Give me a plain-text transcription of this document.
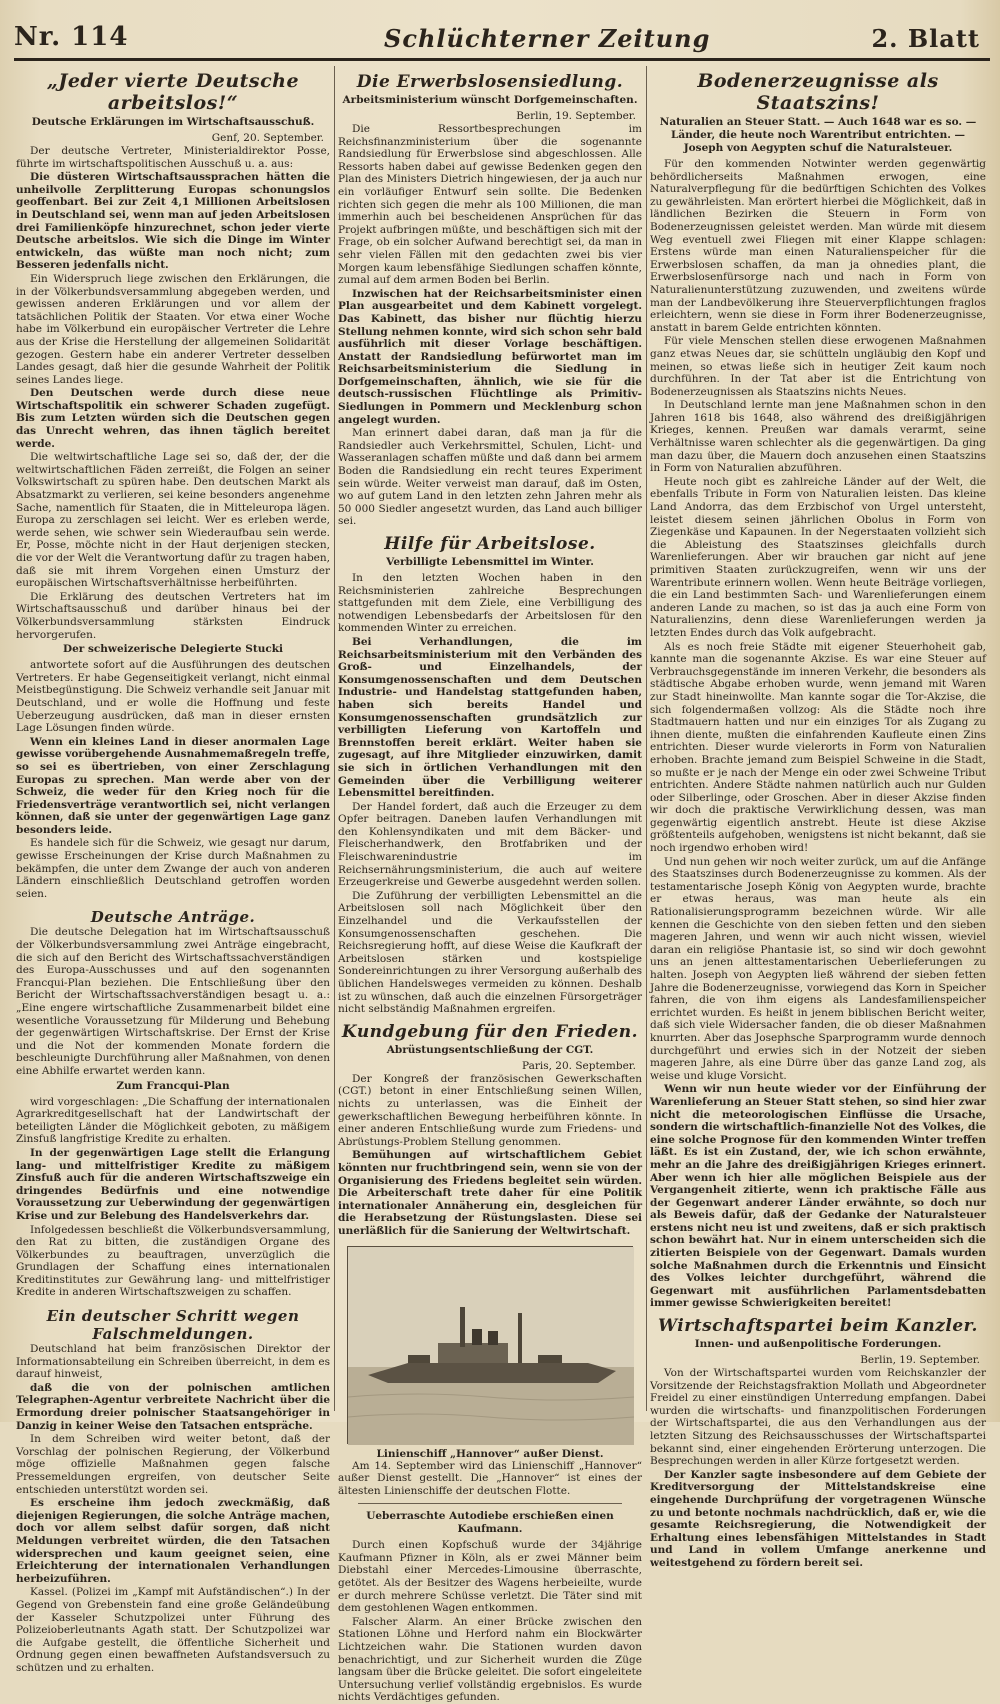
Nr. 114	Schlüchterner Zeitung	2. Blatt
„Jeder vierte Deutsche arbeitslos!“
Deutsche Erklärungen im Wirtschaftsausschuß.
Genf, 20. September.

Der deutsche Vertreter, Ministerialdirektor Posse, führte im wirtschaftspolitischen Ausschuß u. a. aus:

Die düsteren Wirtschaftsaussprachen hätten die unheilvolle Zerplitterung Europas schonungslos geoffenbart. Bei zur Zeit 4,1 Millionen Arbeitslosen in Deutschland sei, wenn man auf jeden Arbeitslosen drei Familienköpfe hinzurechnet, schon jeder vierte Deutsche arbeitslos. Wie sich die Dinge im Winter entwickeln, das wüßte man noch nicht; zum Besseren jedenfalls nicht.

Ein Widerspruch liege zwischen den Erklärungen, die in der Völkerbundsversammlung abgegeben werden, und gewissen anderen Erklärungen und vor allem der tatsächlichen Politik der Staaten. Vor etwa einer Woche habe im Völkerbund ein europäischer Vertreter die Lehre aus der Krise die Herstellung der allgemeinen Solidarität gezogen. Gestern habe ein anderer Vertreter desselben Landes gesagt, daß hier die gesunde Wahrheit der Politik seines Landes liege.

Den Deutschen werde durch diese neue Wirtschaftspolitik ein schwerer Schaden zugefügt. Bis zum Letzten würden sich die Deutschen gegen das Unrecht wehren, das ihnen täglich bereitet werde.

Die weltwirtschaftliche Lage sei so, daß der, der die weltwirtschaftlichen Fäden zerreißt, die Folgen an seiner Volkswirtschaft zu spüren habe. Den deutschen Markt als Absatzmarkt zu verlieren, sei keine besonders angenehme Sache, namentlich für Staaten, die in Mitteleuropa lägen. Europa zu zerschlagen sei leicht. Wer es erleben werde, werde sehen, wie schwer sein Wiederaufbau sein werde. Er, Posse, möchte nicht in der Haut derjenigen stecken, die vor der Welt die Verantwortung dafür zu tragen haben, daß sie mit ihrem Vorgehen einen Umsturz der europäischen Wirtschaftsverhältnisse herbeiführten.

Die Erklärung des deutschen Vertreters hat im Wirtschaftsausschuß und darüber hinaus bei der Völkerbundsversammlung stärksten Eindruck hervorgerufen.

Der schweizerische Delegierte Stucki

antwortete sofort auf die Ausführungen des deutschen Vertreters. Er habe Gegenseitigkeit verlangt, nicht einmal Meistbegünstigung. Die Schweiz verhandle seit Januar mit Deutschland, und er wolle die Hoffnung und feste Ueberzeugung ausdrücken, daß man in dieser ernsten Lage Lösungen finden würde.

Wenn ein kleines Land in dieser anormalen Lage gewisse vorübergehende Ausnahmemaßregeln treffe, so sei es übertrieben, von einer Zerschlagung Europas zu sprechen. Man werde aber von der Schweiz, die weder für den Krieg noch für die Friedensverträge verantwortlich sei, nicht verlangen können, daß sie unter der gegenwärtigen Lage ganz besonders leide.

Es handele sich für die Schweiz, wie gesagt nur darum, gewisse Erscheinungen der Krise durch Maßnahmen zu bekämpfen, die unter dem Zwange der auch von anderen Ländern einschließlich Deutschland getroffen worden seien.

Deutsche Anträge.

Die deutsche Delegation hat im Wirtschaftsausschuß der Völkerbundsversammlung zwei Anträge eingebracht, die sich auf den Bericht des Wirtschaftssachverständigen des Europa-Ausschusses und auf den sogenannten Francqui-Plan beziehen. Die Entschließung über den Bericht der Wirtschaftssachverständigen besagt u. a.: „Eine engere wirtschaftliche Zusammenarbeit bildet eine wesentliche Voraussetzung für Milderung und Behebung der gegenwärtigen Wirtschaftskrise. Der Ernst der Krise und die Not der kommenden Monate fordern die beschleunigte Durchführung aller Maßnahmen, von denen eine Abhilfe erwartet werden kann.

Zum Francqui-Plan

wird vorgeschlagen: „Die Schaffung der internationalen Agrarkreditgesellschaft hat der Landwirtschaft der beteiligten Länder die Möglichkeit geboten, zu mäßigem Zinsfuß langfristige Kredite zu erhalten.

In der gegenwärtigen Lage stellt die Erlangung lang- und mittelfristiger Kredite zu mäßigem Zinsfuß auch für die anderen Wirtschaftszweige ein dringendes Bedürfnis und eine notwendige Voraussetzung zur Ueberwindung der gegenwärtigen Krise und zur Belebung des Handelsverkehrs dar.

Infolgedessen beschließt die Völkerbundsversammlung, den Rat zu bitten, die zuständigen Organe des Völkerbundes zu beauftragen, unverzüglich die Grundlagen der Schaffung eines internationalen Kreditinstitutes zur Gewährung lang- und mittelfristiger Kredite in anderen Wirtschaftszweigen zu schaffen.

Ein deutscher Schritt wegen Falschmeldungen.

Deutschland hat beim französischen Direktor der Informationsabteilung ein Schreiben überreicht, in dem es darauf hinweist,

daß die von der polnischen amtlichen Telegraphen-Agentur verbreitete Nachricht über die Ermordung dreier polnischer Staatsangehöriger in Danzig in keiner Weise den Tatsachen entspräche.

In dem Schreiben wird weiter betont, daß der Vorschlag der polnischen Regierung, der Völkerbund möge offizielle Maßnahmen gegen falsche Pressemeldungen ergreifen, von deutscher Seite entschieden unterstützt worden sei.

Es erscheine ihm jedoch zweckmäßig, daß diejenigen Regierungen, die solche Anträge machen, doch vor allem selbst dafür sorgen, daß nicht Meldungen verbreitet würden, die den Tatsachen widersprechen und kaum geeignet seien, eine Erleichterung der internationalen Verhandlungen herbeizuführen.

Kassel. (Polizei im „Kampf mit Aufständischen“.) In der Gegend von Grebenstein fand eine große Geländeübung der Kasseler Schutzpolizei unter Führung des Polizeioberleutnants Agath statt. Der Schutzpolizei war die Aufgabe gestellt, die öffentliche Sicherheit und Ordnung gegen einen bewaffneten Aufstandsversuch zu schützen und zu erhalten.

Die Erwerbslosensiedlung.
Arbeitsministerium wünscht Dorfgemeinschaften.
Berlin, 19. September.

Die Ressortbesprechungen im Reichsfinanzministerium über die sogenannte Randsiedlung für Erwerbslose sind abgeschlossen. Alle Ressorts haben dabei auf gewisse Bedenken gegen den Plan des Ministers Dietrich hingewiesen, der ja auch nur ein vorläufiger Entwurf sein sollte. Die Bedenken richten sich gegen die mehr als 100 Millionen, die man immerhin auch bei bescheidenen Ansprüchen für das Projekt aufbringen müßte, und beschäftigen sich mit der Frage, ob ein solcher Aufwand berechtigt sei, da man in sehr vielen Fällen mit den gedachten zwei bis vier Morgen kaum lebensfähige Siedlungen schaffen könnte, zumal auf dem armen Boden bei Berlin.

Inzwischen hat der Reichsarbeitsminister einen Plan ausgearbeitet und dem Kabinett vorgelegt. Das Kabinett, das bisher nur flüchtig hierzu Stellung nehmen konnte, wird sich schon sehr bald ausführlich mit dieser Vorlage beschäftigen. Anstatt der Randsiedlung befürwortet man im Reichsarbeitsministerium die Siedlung in Dorfgemeinschaften, ähnlich, wie sie für die deutsch-russischen Flüchtlinge als Primitiv-Siedlungen in Pommern und Mecklenburg schon angelegt wurden.

Man erinnert dabei daran, daß man ja für die Randsiedler auch Verkehrsmittel, Schulen, Licht- und Wasseranlagen schaffen müßte und daß dann bei armem Boden die Randsiedlung ein recht teures Experiment sein würde. Weiter verweist man darauf, daß im Osten, wo auf gutem Land in den letzten zehn Jahren mehr als 50 000 Siedler angesetzt wurden, das Land auch billiger sei.

Hilfe für Arbeitslose.
Verbilligte Lebensmittel im Winter.

In den letzten Wochen haben in den Reichsministerien zahlreiche Besprechungen stattgefunden mit dem Ziele, eine Verbilligung des notwendigen Lebensbedarfs der Arbeitslosen für den kommenden Winter zu erreichen.

Bei Verhandlungen, die im Reichsarbeitsministerium mit den Verbänden des Groß- und Einzelhandels, der Konsumgenossenschaften und dem Deutschen Industrie- und Handelstag stattgefunden haben, haben sich bereits Handel und Konsumgenossenschaften grundsätzlich zur verbilligten Lieferung von Kartoffeln und Brennstoffen bereit erklärt. Weiter haben sie zugesagt, auf ihre Mitglieder einzuwirken, damit sie sich in örtlichen Verhandlungen mit den Gemeinden über die Verbilligung weiterer Lebensmittel bereitfinden.

Der Handel fordert, daß auch die Erzeuger zu dem Opfer beitragen. Daneben laufen Verhandlungen mit den Kohlensyndikaten und mit dem Bäcker- und Fleischerhandwerk, den Brotfabriken und der Fleischwarenindustrie im Reichsernährungsministerium, die auch auf weitere Erzeugerkreise und Gewerbe ausgedehnt werden sollen.

Die Zuführung der verbilligten Lebensmittel an die Arbeitslosen soll nach Möglichkeit über den Einzelhandel und die Verkaufsstellen der Konsumgenossenschaften geschehen. Die Reichsregierung hofft, auf diese Weise die Kaufkraft der Arbeitslosen stärken und kostspielige Sondereinrichtungen zu ihrer Versorgung außerhalb des üblichen Handelsweges vermeiden zu können. Deshalb ist zu wünschen, daß auch die einzelnen Fürsorgeträger nicht selbständig Maßnahmen ergreifen.

Kundgebung für den Frieden.
Abrüstungsentschließung der CGT.
Paris, 20. September.

Der Kongreß der französischen Gewerkschaften (CGT.) betont in einer Entschließung seinen Willen, nichts zu unterlassen, was die Einheit der gewerkschaftlichen Bewegung herbeiführen könnte. In einer anderen Entschließung wurde zum Friedens- und Abrüstungs-Problem Stellung genommen.

Bemühungen auf wirtschaftlichem Gebiet könnten nur fruchtbringend sein, wenn sie von der Organisierung des Friedens begleitet sein würden. Die Arbeiterschaft trete daher für eine Politik internationaler Annäherung ein, desgleichen für die Herabsetzung der Rüstungslasten. Diese sei unerläßlich für die Sanierung der Weltwirtschaft.

Linienschiff „Hannover“ außer Dienst.

Am 14. September wird das Linienschiff „Hannover“ außer Dienst gestellt. Die „Hannover“ ist eines der ältesten Linienschiffe der deutschen Flotte.

Ueberraschte Autodiebe erschießen einen Kaufmann.

Durch einen Kopfschuß wurde der 34jährige Kaufmann Pfizner in Köln, als er zwei Männer beim Diebstahl einer Mercedes-Limousine überraschte, getötet. Als der Besitzer des Wagens herbeieilte, wurde er durch mehrere Schüsse verletzt. Die Täter sind mit dem gestohlenen Wagen entkommen.

Falscher Alarm. An einer Brücke zwischen den Stationen Löhne und Herford nahm ein Blockwärter Lichtzeichen wahr. Die Stationen wurden davon benachrichtigt, und zur Sicherheit wurden die Züge langsam über die Brücke geleitet. Die sofort eingeleitete Untersuchung verlief vollständig ergebnislos. Es wurde nichts Verdächtiges gefunden.

Bodenerzeugnisse als Staatszins!
Naturalien an Steuer Statt. — Auch 1648 war es so. — Länder, die heute noch Warentribut entrichten. — Joseph von Aegypten schuf die Naturalsteuer.

Für den kommenden Notwinter werden gegenwärtig behördlicherseits Maßnahmen erwogen, eine Naturalverpflegung für die bedürftigen Schichten des Volkes zu gewährleisten. Man erörtert hierbei die Möglichkeit, daß in ländlichen Bezirken die Steuern in Form von Bodenerzeugnissen geleistet werden. Man würde mit diesem Weg eventuell zwei Fliegen mit einer Klappe schlagen: Erstens würde man einen Naturalienspeicher für die Erwerbslosen schaffen, da man ja ohnedies plant, die Erwerbslosenfürsorge nach und nach in Form von Naturalienunterstützung zuzuwenden, und zweitens würde man der Landbevölkerung ihre Steuerverpflichtungen fraglos erleichtern, wenn sie diese in Form ihrer Bodenerzeugnisse, anstatt in barem Gelde entrichten könnten.

Für viele Menschen stellen diese erwogenen Maßnahmen ganz etwas Neues dar, sie schütteln ungläubig den Kopf und meinen, so etwas ließe sich in heutiger Zeit kaum noch durchführen. In der Tat aber ist die Entrichtung von Bodenerzeugnissen als Staatszins nichts Neues.

In Deutschland lernte man jene Maßnahmen schon in den Jahren 1618 bis 1648, also während des dreißigjährigen Krieges, kennen. Preußen war damals verarmt, seine Verhältnisse waren schlechter als die gegenwärtigen. Da ging man dazu über, die Mauern doch anzusehen einen Staatszins in Form von Naturalien abzuführen.

Heute noch gibt es zahlreiche Länder auf der Welt, die ebenfalls Tribute in Form von Naturalien leisten. Das kleine Land Andorra, das dem Erzbischof von Urgel untersteht, leistet diesem seinen jährlichen Obolus in Form von Ziegenkäse und Kapaunen. In der Negerstaaten vollzieht sich die Ableistung des Staatszinses gleichfalls durch Warenlieferungen. Aber wir brauchen gar nicht auf jene primitiven Staaten zurückzugreifen, wenn wir uns der Warentribute erinnern wollen. Wenn heute Beiträge vorliegen, die ein Land bestimmten Sach- und Warenlieferungen einem anderen Lande zu machen, so ist das ja auch eine Form von Naturalienzins, denn diese Warenlieferungen werden ja letzten Endes durch das Volk aufgebracht.

Als es noch freie Städte mit eigener Steuerhoheit gab, kannte man die sogenannte Akzise. Es war eine Steuer auf Verbrauchsgegenstände im inneren Verkehr, die besonders als städtische Abgabe erhoben wurde, wenn jemand mit Waren zur Stadt hineinwollte. Man kannte sogar die Tor-Akzise, die sich folgendermaßen vollzog: Als die Städte noch ihre Stadtmauern hatten und nur ein einziges Tor als Zugang zu ihnen diente, mußten die einfahrenden Kaufleute einen Zins entrichten. Dieser wurde vielerorts in Form von Naturalien erhoben. Brachte jemand zum Beispiel Schweine in die Stadt, so mußte er je nach der Menge ein oder zwei Schweine Tribut entrichten. Andere Städte nahmen natürlich auch nur Gulden oder Silberlinge, oder Groschen. Aber in dieser Akzise finden wir doch die praktische Verwirklichung dessen, was man gegenwärtig eigentlich anstrebt. Heute ist diese Akzise größtenteils aufgehoben, wenigstens ist nicht bekannt, daß sie noch irgendwo erhoben wird!

Und nun gehen wir noch weiter zurück, um auf die Anfänge des Staatszinses durch Bodenerzeugnisse zu kommen. Als der testamentarische Joseph König von Aegypten wurde, brachte er etwas heraus, was man heute als ein Rationalisierungsprogramm bezeichnen würde. Wir alle kennen die Geschichte von den sieben fetten und den sieben mageren Jahren, und wenn wir auch nicht wissen, wieviel daran ein religiöse Phantasie ist, so sind wir doch gewohnt uns an jenen alttestamentarischen Ueberlieferungen zu halten. Joseph von Aegypten ließ während der sieben fetten Jahre die Bodenerzeugnisse, vorwiegend das Korn in Speicher fahren, die von ihm eigens als Landesfamilienspeicher errichtet wurden. Es heißt in jenem biblischen Bericht weiter, daß sich viele Widersacher fanden, die ob dieser Maßnahmen knurrten. Aber das Josephsche Sparprogramm wurde dennoch durchgeführt und erwies sich in der Notzeit der sieben mageren Jahre, als eine Dürre über das ganze Land zog, als weise und kluge Vorsicht.

Wenn wir nun heute wieder vor der Einführung der Warenlieferung an Steuer Statt stehen, so sind hier zwar nicht die meteorologischen Einflüsse die Ursache, sondern die wirtschaftlich-finanzielle Not des Volkes, die eine solche Prognose für den kommenden Winter treffen läßt. Es ist ein Zustand, der, wie ich schon erwähnte, mehr an die Jahre des dreißigjährigen Krieges erinnert. Aber wenn ich hier alle möglichen Beispiele aus der Vergangenheit zitierte, wenn ich praktische Fälle aus der Gegenwart anderer Länder erwähnte, so doch nur als Beweis dafür, daß der Gedanke der Naturalsteuer erstens nicht neu ist und zweitens, daß er sich praktisch schon bewährt hat. Nur in einem unterscheiden sich die zitierten Beispiele von der Gegenwart. Damals wurden solche Maßnahmen durch die Erkenntnis und Einsicht des Volkes leichter durchgeführt, während die Gegenwart mit ausführlichen Parlamentsdebatten immer gewisse Schwierigkeiten bereitet!

Wirtschaftspartei beim Kanzler.
Innen- und außenpolitische Forderungen.
Berlin, 19. September.

Von der Wirtschaftspartei wurden vom Reichskanzler der Vorsitzende der Reichstagsfraktion Mollath und Abgeordneter Freidel zu einer einstündigen Unterredung empfangen. Dabei wurden die wirtschafts- und finanzpolitischen Forderungen der Wirtschaftspartei, die aus den Verhandlungen aus der letzten Sitzung des Reichsausschusses der Wirtschaftspartei bekannt sind, einer eingehenden Erörterung unterzogen. Die Besprechungen werden in aller Kürze fortgesetzt werden.

Der Kanzler sagte insbesondere auf dem Gebiete der Kreditversorgung der Mittelstandskreise eine eingehende Durchprüfung der vorgetragenen Wünsche zu und betonte nochmals nachdrücklich, daß er, wie die gesamte Reichsregierung, die Notwendigkeit der Erhaltung eines lebensfähigen Mittelstandes in Stadt und Land in vollem Umfange anerkenne und weitestgehend zu fördern bereit sei.
